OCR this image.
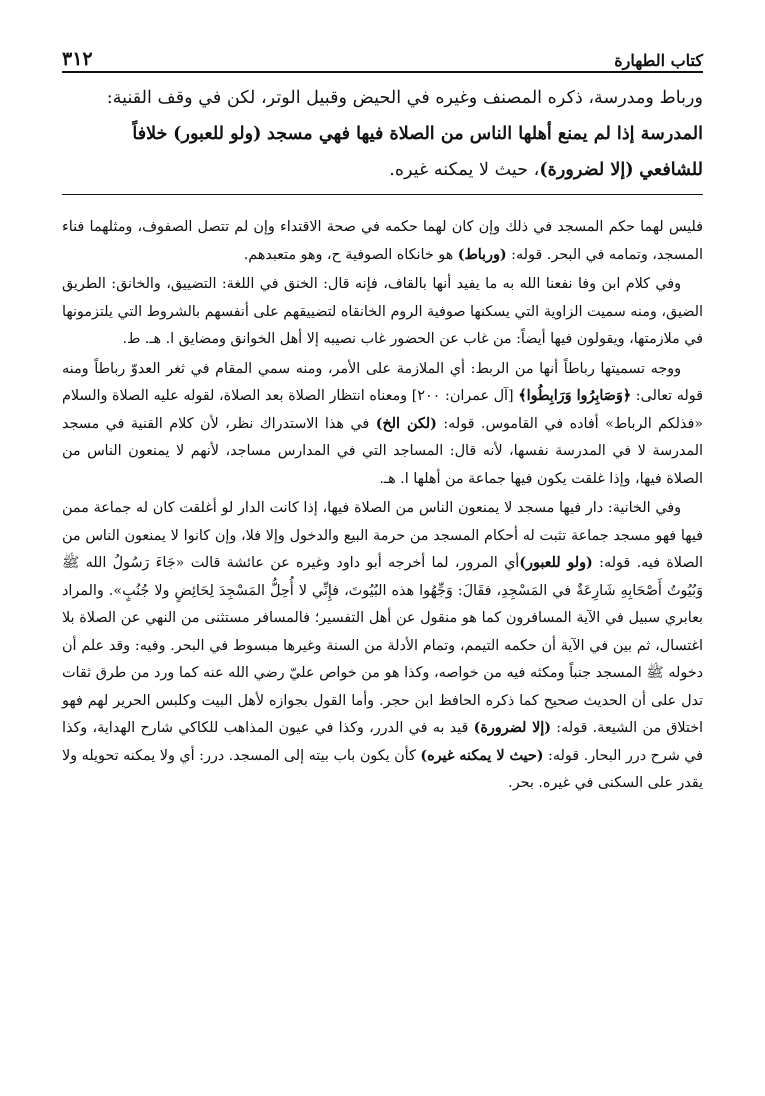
كتاب الطهارة
٣١٢

ورباط ومدرسة، ذكره المصنف وغيره في الحيض وقبيل الوتر، لكن في وقف القنية:

المدرسة إذا لم يمنع أهلها الناس من الصلاة فيها فهي مسجد (ولو للعبور) خلافاً

للشافعي (إلا لضرورة)، حيث لا يمكنه غيره.

فليس لهما حكم المسجد في ذلك وإن كان لهما حكمه في صحة الاقتداء وإن لم تتصل الصفوف، ومثلهما فناء المسجد، وتمامه في البحر. قوله: (ورباط) هو خانكاه الصوفية ح، وهو متعبدهم.

وفي كلام ابن وفا نفعنا الله به ما يفيد أنها بالقاف، فإنه قال: الخنق في اللغة: التضييق، والخانق: الطريق الضيق، ومنه سميت الزاوية التي يسكنها صوفية الروم الخانقاه لتضييقهم على أنفسهم بالشروط التي يلتزمونها في ملازمتها، ويقولون فيها أيضاً: من غاب عن الحضور غاب نصيبه إلا أهل الخوانق ومضايق ا. هـ. ط.

ووجه تسميتها رباطاً أنها من الربط: أي الملازمة على الأمر، ومنه سمي المقام في ثغر العدوّ رباطاً ومنه قوله تعالى: ﴿وَصَابِرُوا وَرَابِطُوا﴾ [آل عمران: ٢٠٠] ومعناه انتظار الصلاة بعد الصلاة، لقوله عليه الصلاة والسلام «فذلكم الرباط» أفاده في القاموس. قوله: (لكن الخ) في هذا الاستدراك نظر، لأن كلام القنية في مسجد المدرسة لا في المدرسة نفسها، لأنه قال: المساجد التي في المدارس مساجد، لأنهم لا يمنعون الناس من الصلاة فيها، وإذا غلقت يكون فيها جماعة من أهلها ا. هـ.

وفي الخانية: دار فيها مسجد لا يمنعون الناس من الصلاة فيها، إذا كانت الدار لو أغلقت كان له جماعة ممن فيها فهو مسجد جماعة تثبت له أحكام المسجد من حرمة البيع والدخول وإلا فلا، وإن كانوا لا يمنعون الناس من الصلاة فيه. قوله: (ولو للعبور)أي المرور، لما أخرجه أبو داود وغيره عن عائشة قالت «جَاءَ رَسُولُ الله ﷺ وَبُيُوتُ أَصْحَابِهِ شَارِعَةٌ في المَسْجِدِ، فقَالَ: وَجِّهُوا هذه البُيُوتَ، فإِنِّي لا أُحِلُّ المَسْجِدَ لِحَائِضٍ ولا جُنُبٍ». والمراد بعابري سبيل في الآية المسافرون كما هو منقول عن أهل التفسير؛ فالمسافر مستثنى من النهي عن الصلاة بلا اغتسال، ثم بين في الآية أن حكمه التيمم، وتمام الأدلة من السنة وغيرها مبسوط في البحر. وفيه: وقد علم أن دخوله ﷺ المسجد جنباً ومكثه فيه من خواصه، وكذا هو من خواص عليّ رضي الله عنه كما ورد من طرق ثقات تدل على أن الحديث صحيح كما ذكره الحافظ ابن حجر. وأما القول بجوازه لأهل البيت وكلبس الحرير لهم فهو اختلاق من الشيعة. قوله: (إلا لضرورة) قيد به في الدرر، وكذا في عيون المذاهب للكاكي شارح الهداية، وكذا في شرح درر البحار. قوله: (حيث لا يمكنه غيره) كأن يكون باب بيته إلى المسجد. درر: أي ولا يمكنه تحويله ولا يقدر على السكنى في غيره. بحر.
